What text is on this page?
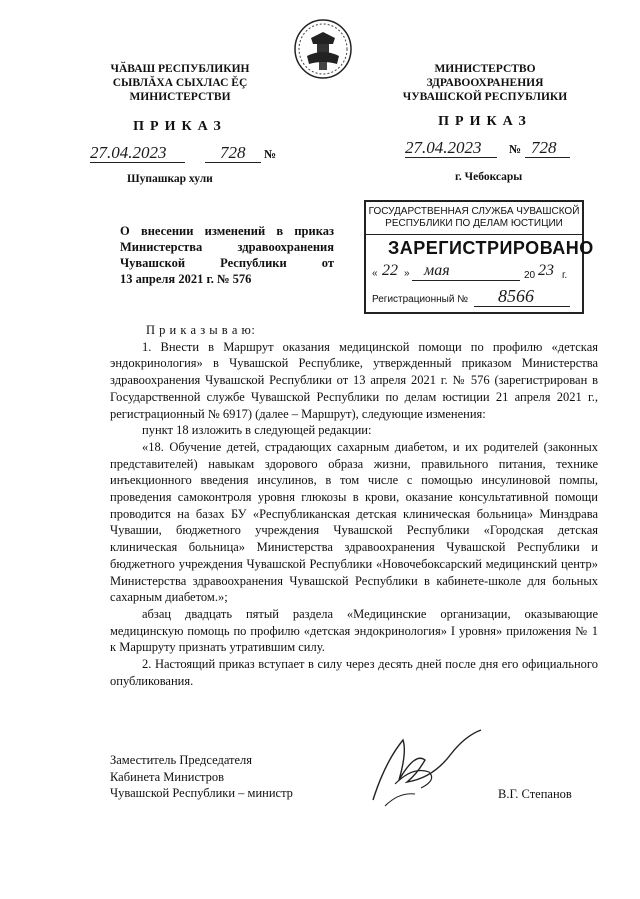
ЧӐВАШ РЕСПУБЛИКИН
СЫВЛĂХА СЫХЛАС ĔÇ
МИНИСТЕРСТВИ
МИНИСТЕРСТВО
ЗДРАВООХРАНЕНИЯ
ЧУВАШСКОЙ РЕСПУБЛИКИ
ПРИКАЗ	ПРИКАЗ
27.04.2023	728 №	27.04.2023 № 728
Шупашкар хули	г. Чебоксары
О внесении изменений в приказ
Министерства здравоохранения
Чувашской Республики от
13 апреля 2021 г. № 576
ГОСУДАРСТВЕННАЯ СЛУЖБА ЧУВАШСКОЙ
РЕСПУБЛИКИ ПО ДЕЛАМ ЮСТИЦИИ
ЗАРЕГИСТРИРОВАНО
« 22 » мая	20 23 г.
Регистрационный № 8566

П р и к а з ы в а ю:

1. Внести в Маршрут оказания медицинской помощи по профилю «детская эндокринология» в Чувашской Республике, утвержденный приказом Министерства здравоохранения Чувашской Республики от 13 апреля 2021 г. № 576 (зарегистрирован в Государственной службе Чувашской Республики по делам юстиции 21 апреля 2021 г., регистрационный № 6917) (далее – Маршрут), следующие изменения:

пункт 18 изложить в следующей редакции:

«18. Обучение детей, страдающих сахарным диабетом, и их родителей (законных представителей) навыкам здорового образа жизни, правильного питания, технике инъекционного введения инсулинов, в том числе с помощью инсулиновой помпы, проведения самоконтроля уровня глюкозы в крови, оказание консультативной помощи проводится на базах БУ «Республиканская детская клиническая больница» Минздрава Чувашии, бюджетного учреждения Чувашской Республики «Городская детская клиническая больница» Министерства здравоохранения Чувашской Республики и бюджетного учреждения Чувашской Республики «Новочебоксарский медицинский центр» Министерства здравоохранения Чувашской Республики в кабинете-школе для больных сахарным диабетом.»;

абзац двадцать пятый раздела «Медицинские организации, оказывающие медицинскую помощь по профилю «детская эндокринология» I уровня» приложения № 1 к Маршруту признать утратившим силу.

2. Настоящий приказ вступает в силу через десять дней после дня его официального опубликования.

Заместитель Председателя
Кабинета Министров
Чувашской Республики – министр	В.Г. Степанов
